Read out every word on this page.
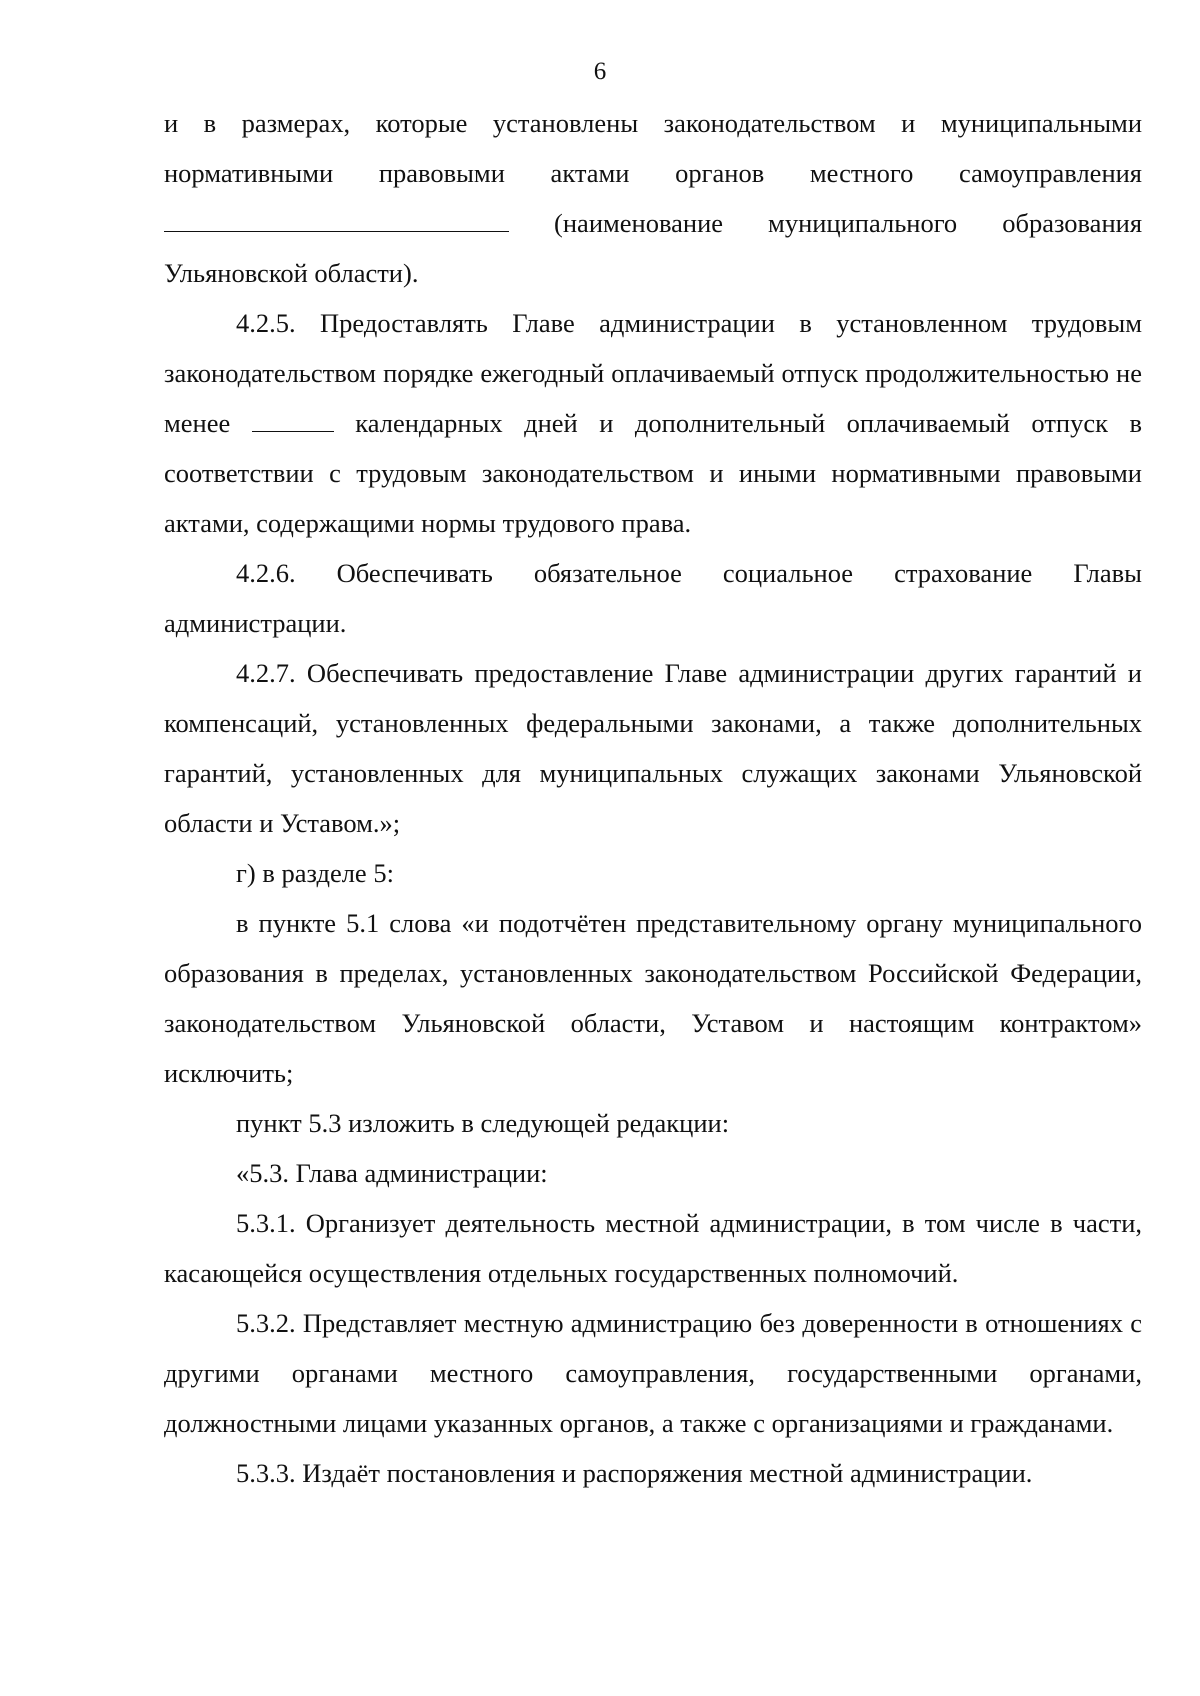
6

и в размерах, которые установлены законодательством и муниципальными нормативными правовыми актами органов местного самоуправления  (наименование муниципального образования Ульяновской области).

4.2.5. Предоставлять Главе администрации в установленном трудовым законодательством порядке ежегодный оплачиваемый отпуск продолжительностью не менее	календарных дней и дополнительный оплачиваемый отпуск в соответствии с трудовым законодательством и иными нормативными правовыми актами, содержащими нормы трудового права.

4.2.6. Обеспечивать обязательное социальное страхование Главы администрации.

4.2.7. Обеспечивать предоставление Главе администрации других гарантий и компенсаций, установленных федеральными законами, а также дополнительных гарантий, установленных для муниципальных служащих законами Ульяновской области и Уставом.»;

г) в разделе 5:

в пункте 5.1 слова «и подотчётен представительному органу муниципального образования в пределах, установленных законодательством Российской Федерации, законодательством Ульяновской области, Уставом и настоящим контрактом» исключить;

пункт 5.3 изложить в следующей редакции:

«5.3. Глава администрации:

5.3.1. Организует деятельность местной администрации, в том числе в части, касающейся осуществления отдельных государственных полномочий.

5.3.2. Представляет местную администрацию без доверенности в отношениях с другими органами местного самоуправления, государственными органами, должностными лицами указанных органов, а также с организациями и гражданами.

5.3.3. Издаёт постановления и распоряжения местной администрации.
